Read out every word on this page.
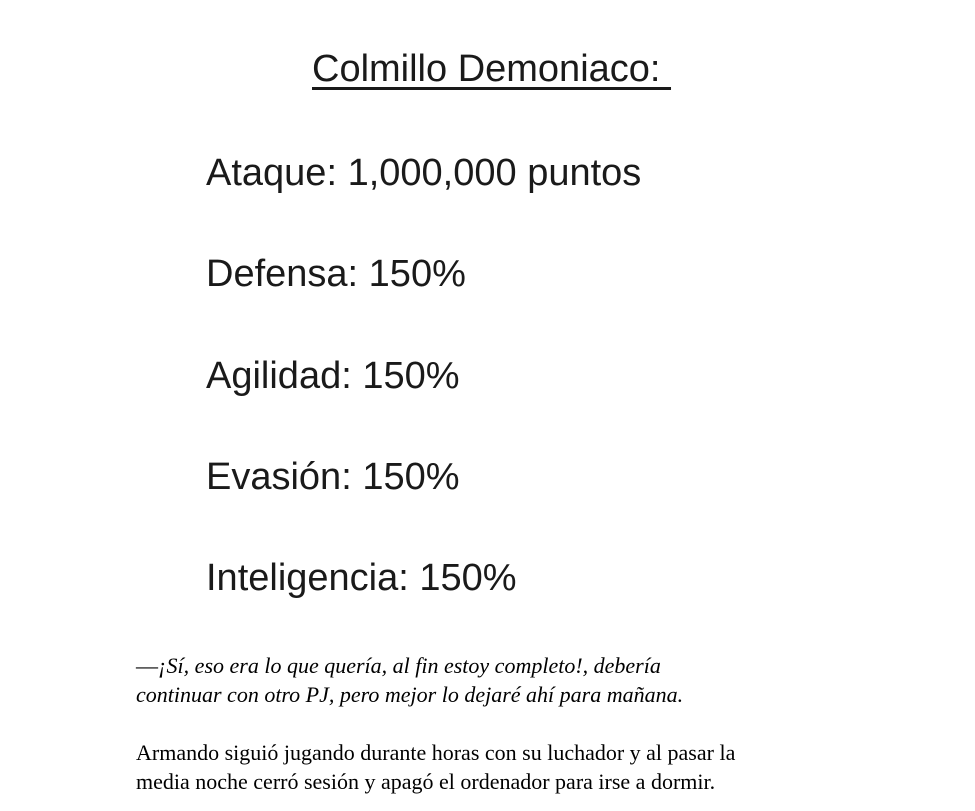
Colmillo Demoniaco:
Ataque: 1,000,000 puntos
Defensa: 150%
Agilidad: 150%
Evasión: 150%
Inteligencia: 150%

—¡Sí, eso era lo que quería, al fin estoy completo!, debería
continuar con otro PJ, pero mejor lo dejaré ahí para mañana.

Armando siguió jugando durante horas con su luchador y al pasar la
media noche cerró sesión y apagó el ordenador para irse a dormir.
